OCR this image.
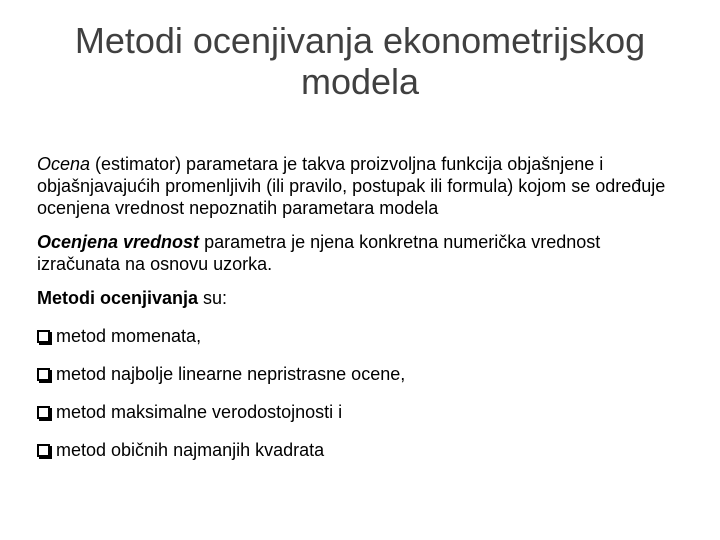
Metodi ocenjivanja ekonometrijskog
modela

Ocena (estimator) parametara je takva proizvoljna funkcija objašnjene i objašnjavajućih promenljivih (ili pravilo, postupak ili formula) kojom se određuje ocenjena vrednost nepoznatih parametara modela

Ocenjena vrednost parametra je njena konkretna numerička vrednost izračunata na osnovu uzorka.

Metodi ocenjivanja su:

metod momenata,
metod najbolje linearne nepristrasne ocene,
metod maksimalne verodostojnosti i
metod običnih najmanjih kvadrata
